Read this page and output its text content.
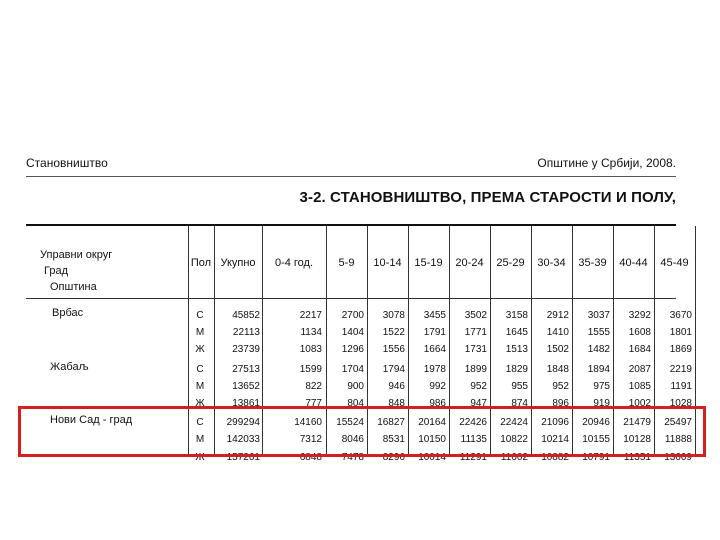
Становништво	Општине у Србији, 2008.
3-2. СТАНОВНИШТВО, ПРЕМА СТАРОСТИ И ПОЛУ,
Управни округ
Град
Општина
Пол Укупно	0-4 год.	5-9	10-14	15-19	20-24	25-29	30-34	35-39	40-44	45-49
Врбас	С	45852	2217	2700	3078	3455	3502	3158	2912	3037	3292	3670
М	22113	1134	1404	1522	1791	1771	1645	1410	1555	1608	1801
Ж	23739	1083	1296	1556	1664	1731	1513	1502	1482	1684	1869
Жабаљ	С	27513	1599	1704	1794	1978	1899	1829	1848	1894	2087	2219
М	13652	822	900	946	992	952	955	952	975	1085	1191
Ж	13861	777	804	848	986	947	874	896	919	1002	1028
Нови Сад - град	С	299294	14160	15524	16827	20164	22426	22424	21096	20946	21479	25497
М	142033	7312	8046	8531	10150	11135	10822	10214	10155	10128	11888
Ж	157261	6848	7478	8296	10014	11291	11602	10882	10791	11351	13609
